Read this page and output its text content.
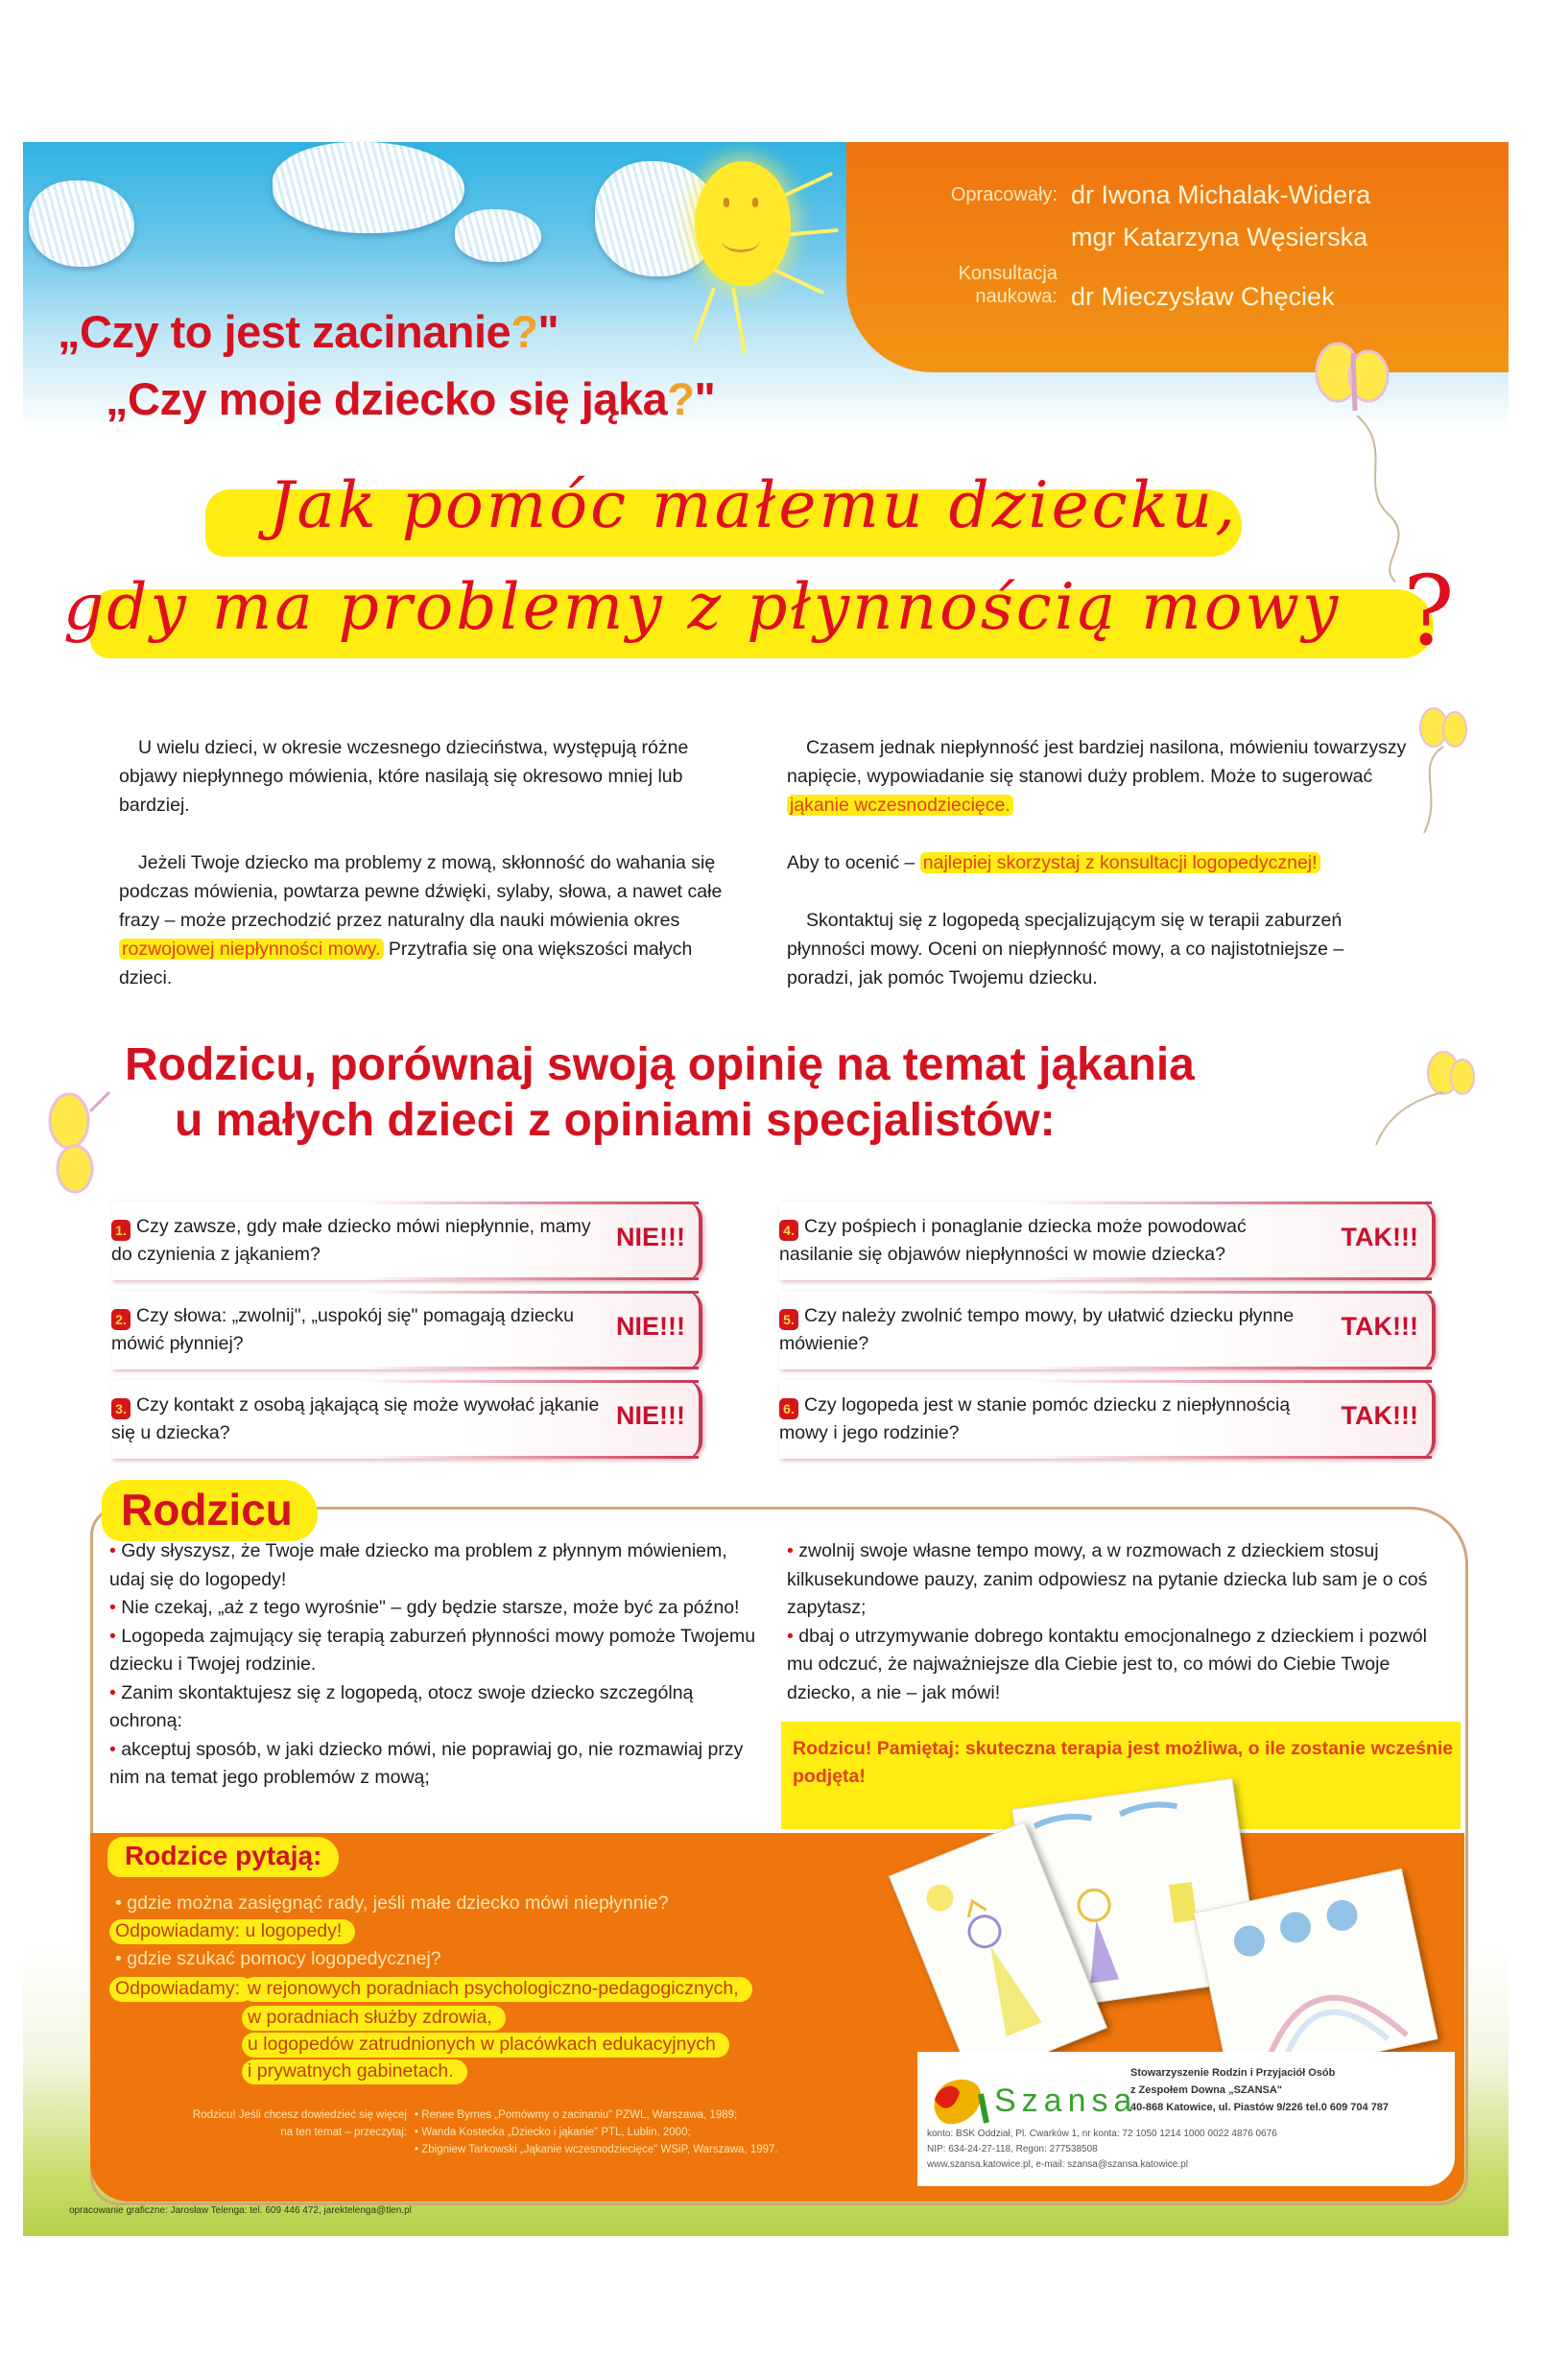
Opracowały: dr Iwona Michalak-Widera
mgr Katarzyna Węsierska
Konsultacja
naukowa: dr Mieczysław Chęciek
„Czy to jest zacinanie?"
„Czy moje dziecko się jąka?"
Jak pomóc małemu dziecku,
gdy ma problemy z płynnością mowy ?

U wielu dzieci, w okresie wczesnego dzieciństwa, występują różne objawy niepłynnego mówienia, które nasilają się okresowo mniej lub bardziej.

Jeżeli Twoje dziecko ma problemy z mową, skłonność do wahania się podczas mówienia, powtarza pewne dźwięki, sylaby, słowa, a nawet całe frazy – może przechodzić przez naturalny dla nauki mówienia okres rozwojowej niepłynności mowy. Przytrafia się ona większości małych dzieci.

Czasem jednak niepłynność jest bardziej nasilona, mówieniu towarzyszy napięcie, wypowiadanie się stanowi duży problem. Może to sugerować jąkanie wczesnodziecięce.

Aby to ocenić – najlepiej skorzystaj z konsultacji logopedycznej!

Skontaktuj się z logopedą specjalizującym się w terapii zaburzeń płynności mowy. Oceni on niepłynność mowy, a co najistotniejsze – poradzi, jak pomóc Twojemu dziecku.

Rodzicu, porównaj swoją opinię na temat jąkania
u małych dzieci z opiniami specjalistów:
1. Czy zawsze, gdy małe dziecko mówi niepłynnie, mamy do czynienia z jąkaniem?
NIE!!!
2. Czy słowa: „zwolnij", „uspokój się" pomagają dziecku mówić płynniej?
NIE!!!
3. Czy kontakt z osobą jąkającą się może wywołać jąkanie się u dziecka?
NIE!!!
4. Czy pośpiech i ponaglanie dziecka może powodować nasilanie się objawów niepłynności w mowie dziecka?
TAK!!!
5. Czy należy zwolnić tempo mowy, by ułatwić dziecku płynne mówienie?
TAK!!!
6. Czy logopeda jest w stanie pomóc dziecku z niepłynnością mowy i jego rodzinie?
TAK!!!
Rodzicu
• Gdy słyszysz, że Twoje małe dziecko ma problem z płynnym mówieniem, udaj się do logopedy!
• Nie czekaj, „aż z tego wyrośnie" – gdy będzie starsze, może być za późno!
• Logopeda zajmujący się terapią zaburzeń płynności mowy pomoże Twojemu dziecku i Twojej rodzinie.
• Zanim skontaktujesz się z logopedą, otocz swoje dziecko szczególną ochroną:
• akceptuj sposób, w jaki dziecko mówi, nie poprawiaj go, nie rozmawiaj przy nim na temat jego problemów z mową;
• zwolnij swoje własne tempo mowy, a w rozmowach z dzieckiem stosuj kilkusekundowe pauzy, zanim odpowiesz na pytanie dziecka lub sam je o coś zapytasz;
• dbaj o utrzymywanie dobrego kontaktu emocjonalnego z dzieckiem i pozwól mu odczuć, że najważniejsze dla Ciebie jest to, co mówi do Ciebie Twoje dziecko, a nie – jak mówi!
Rodzicu! Pamiętaj: skuteczna terapia jest możliwa, o ile zostanie wcześnie podjęta!
Rodzice pytają:
• gdzie można zasięgnąć rady, jeśli małe dziecko mówi niepłynnie?
Odpowiadamy: u logopedy!
• gdzie szukać pomocy logopedycznej?
Odpowiadamy: w rejonowych poradniach psychologiczno-pedagogicznych,
w poradniach służby zdrowia,
u logopedów zatrudnionych w placówkach edukacyjnych
i prywatnych gabinetach.
Rodzicu! Jeśli chcesz dowiedzieć się więcej
na ten temat – przeczytaj:
• Renee Byrnes „Pomówmy o zacinaniu" PZWL, Warszawa, 1989;
• Wanda Kostecka „Dziecko i jąkanie" PTL, Lublin, 2000;
• Zbigniew Tarkowski „Jąkanie wczesnodziecięce" WSiP, Warszawa, 1997.
Szansa
Stowarzyszenie Rodzin i Przyjaciół Osób
z Zespołem Downa „SZANSA"
40-868 Katowice, ul. Piastów 9/226 tel.0 609 704 787
konto: BSK Oddział, Pl. Cwarków 1, nr konta: 72 1050 1214 1000 0022 4876 0676
NIP: 634-24-27-118, Regon: 277538508
www.szansa.katowice.pl, e-mail: szansa@szansa.katowice.pl
opracowanie graficzne: Jarosław Telenga: tel. 609 446 472, jarektelenga@tlen.pl
